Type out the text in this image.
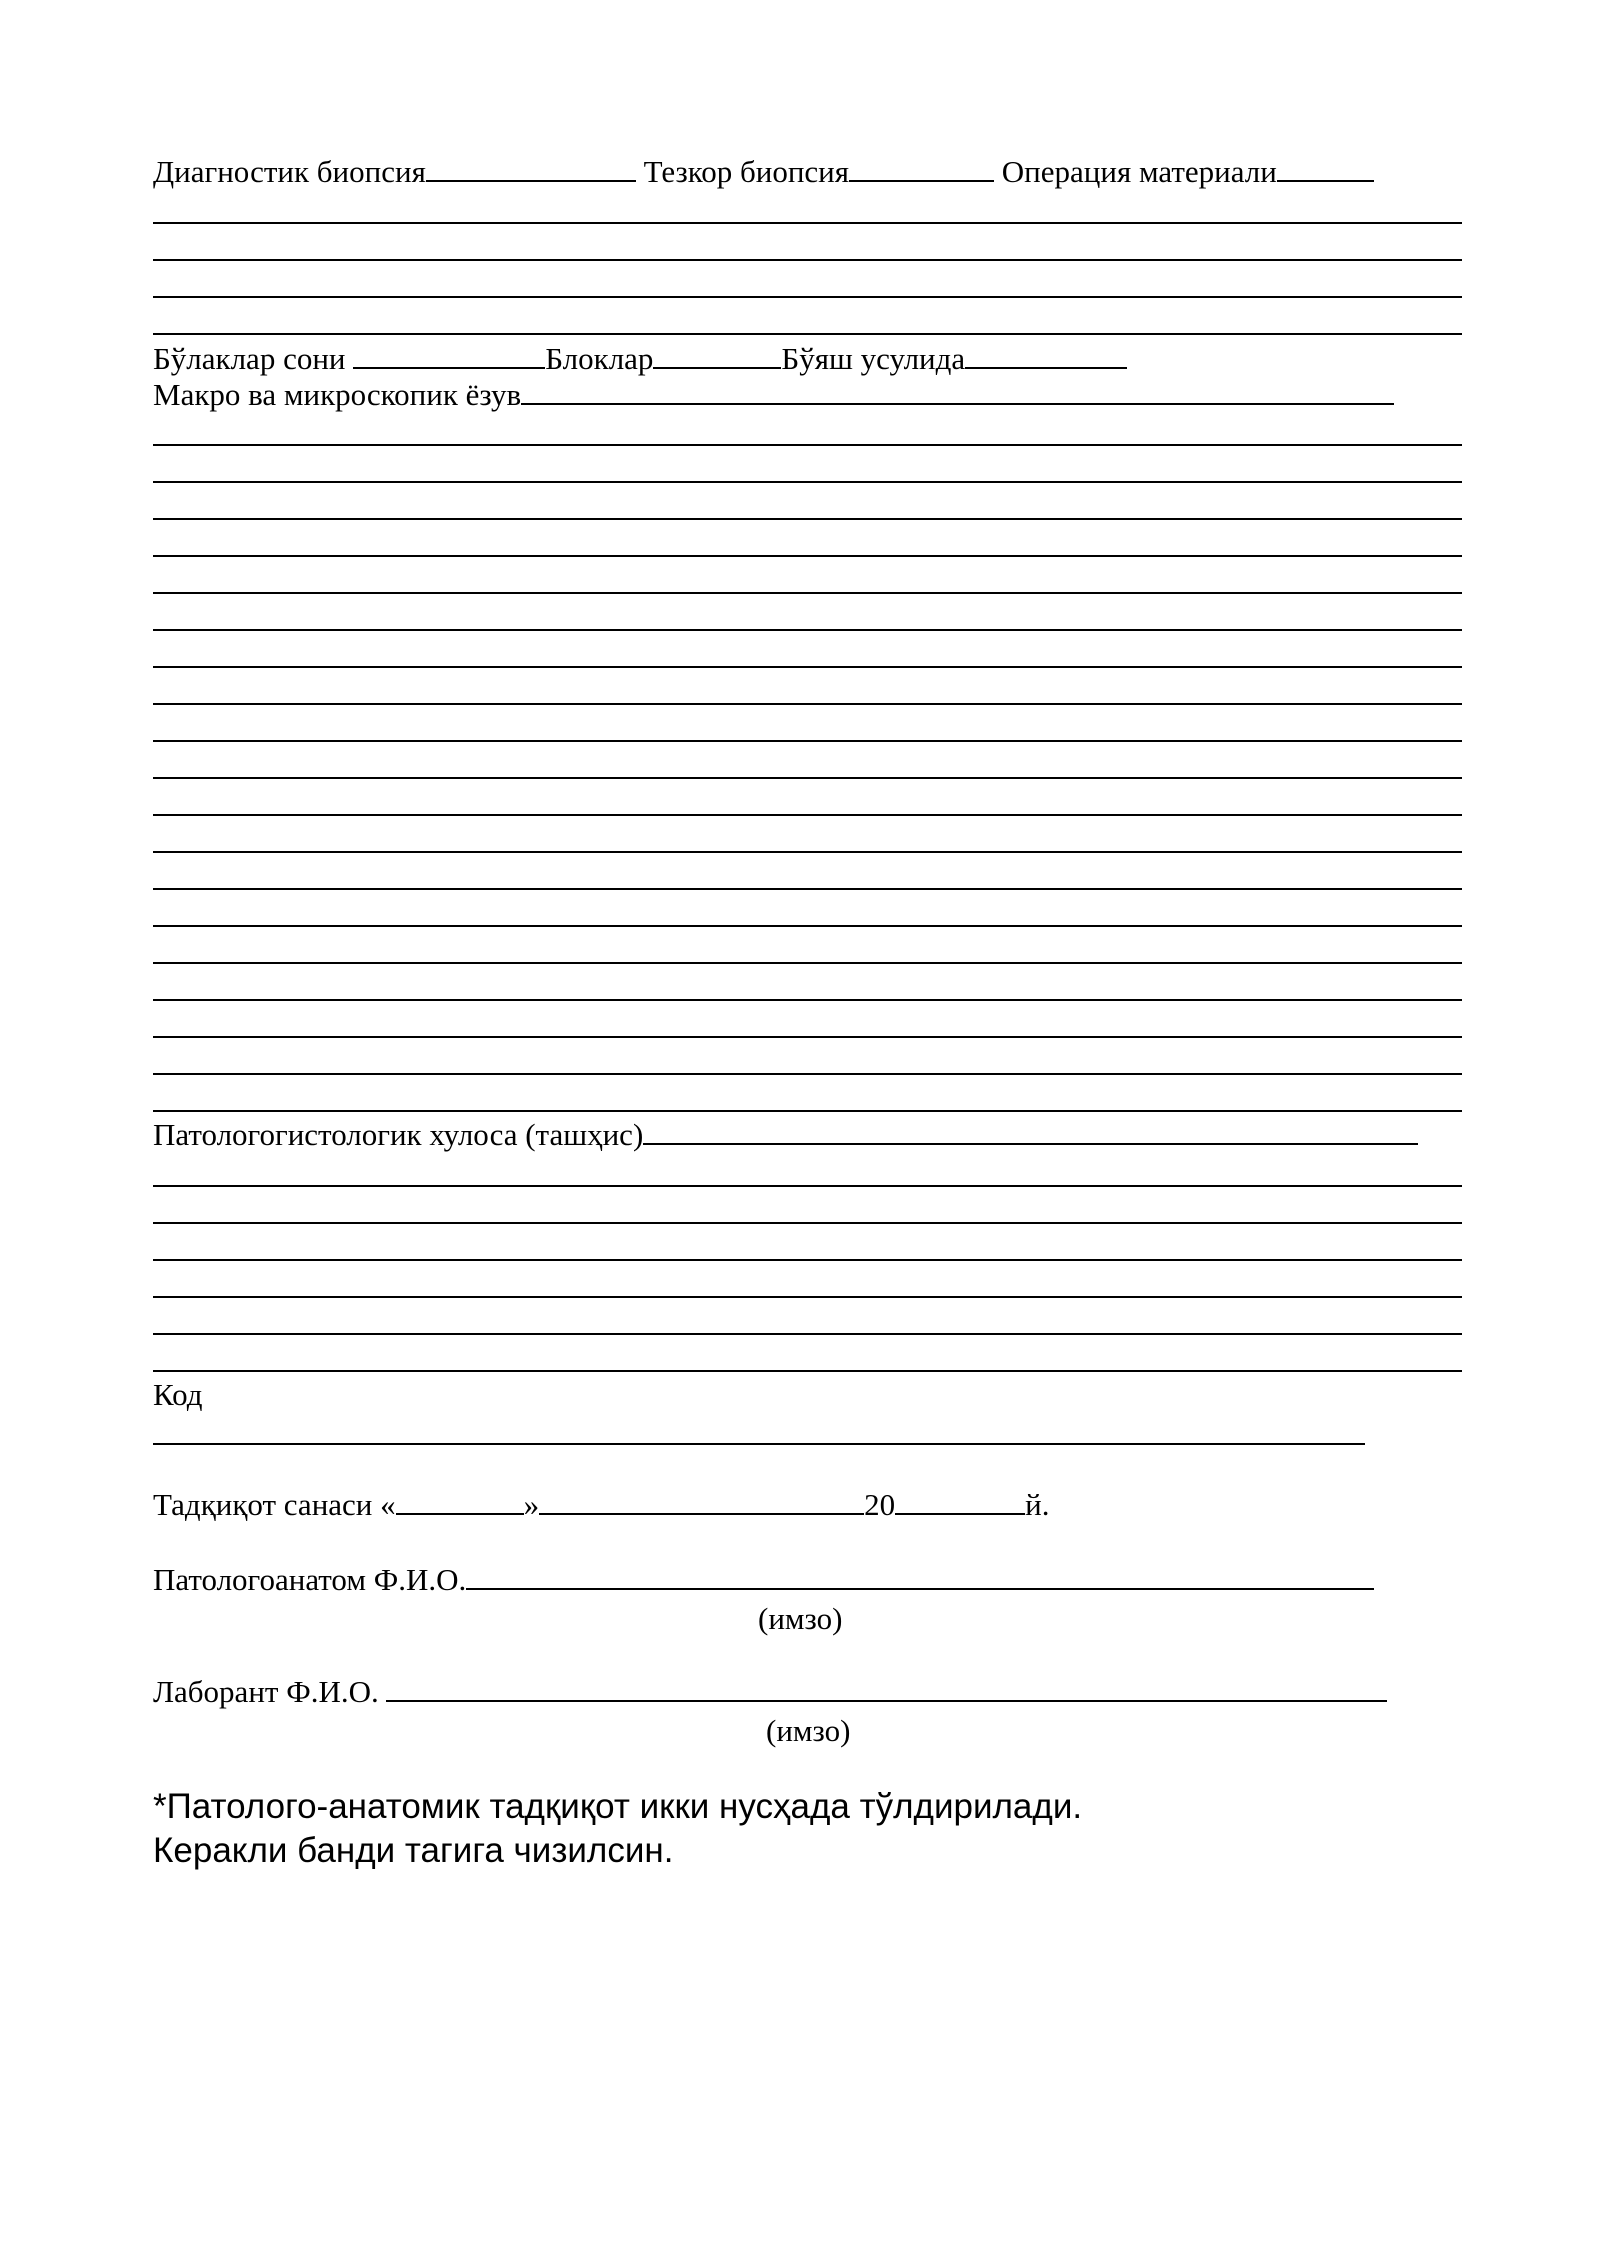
Диагностик биопсия	Тезкор биопсия	Операция материали
Бўлаклар сони	Блоклар	Бўяш усулида
Макро ва микроскопик ёзув
Патологогистологик хулоса (ташҳис)
Код
Тадқиқот санаси «	»	20	й.
Патологоанатом Ф.И.О.
(имзо)
Лаборант Ф.И.О.
(имзо)
*Патолого-анатомик тадқиқот икки нусҳада тўлдирилади.
Керакли банди тагига чизилсин.
